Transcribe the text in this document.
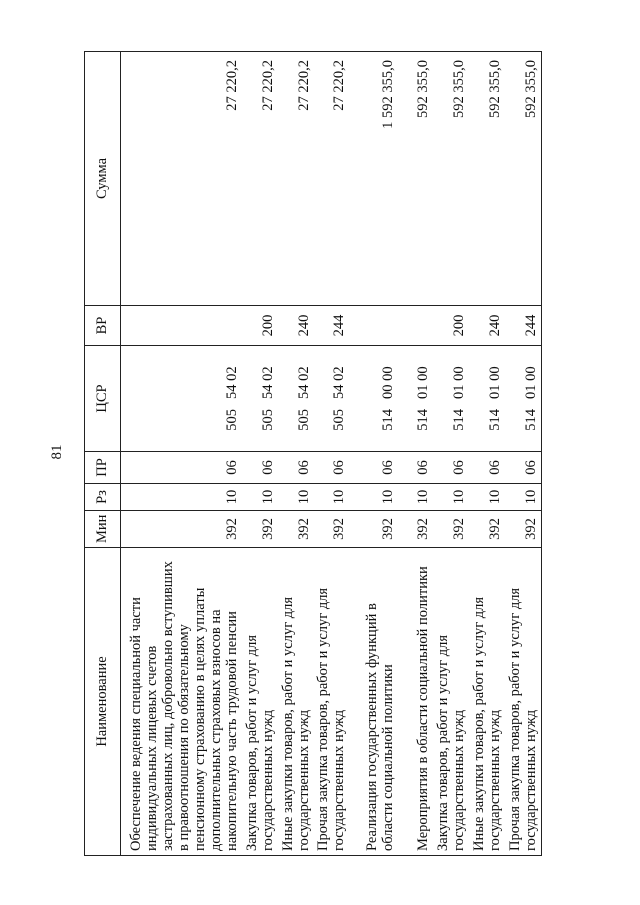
81
Наименование	Мин	Рз	ПР	ЦСР	ВР	Сумма
Обеспечение ведения специальной части индивидуальных лицевых счетов застрахованных лиц, добровольно вступивших в правоотношения по обязательному пенсионному страхованию в целях уплаты дополнительных страховых взносов на накопительную часть трудовой пенсии	392	10	06	50554 02		27 220,2
Закупка товаров, работ и услуг для государственных нужд	392	10	06	50554 02	200	27 220,2
Иные закупки товаров, работ и услуг для государственных нужд	392	10	06	50554 02	240	27 220,2
Прочая закупка товаров, работ и услуг для государственных нужд	392	10	06	50554 02	244	27 220,2
Реализация государственных функций в области социальной политики	392	10	06	51400 00		1 592 355,0
Мероприятия в области социальной политики	392	10	06	51401 00		592 355,0
Закупка товаров, работ и услуг для государственных нужд	392	10	06	51401 00	200	592 355,0
Иные закупки товаров, работ и услуг для государственных нужд	392	10	06	51401 00	240	592 355,0
Прочая закупка товаров, работ и услуг для государственных нужд	392	10	06	51401 00	244	592 355,0
